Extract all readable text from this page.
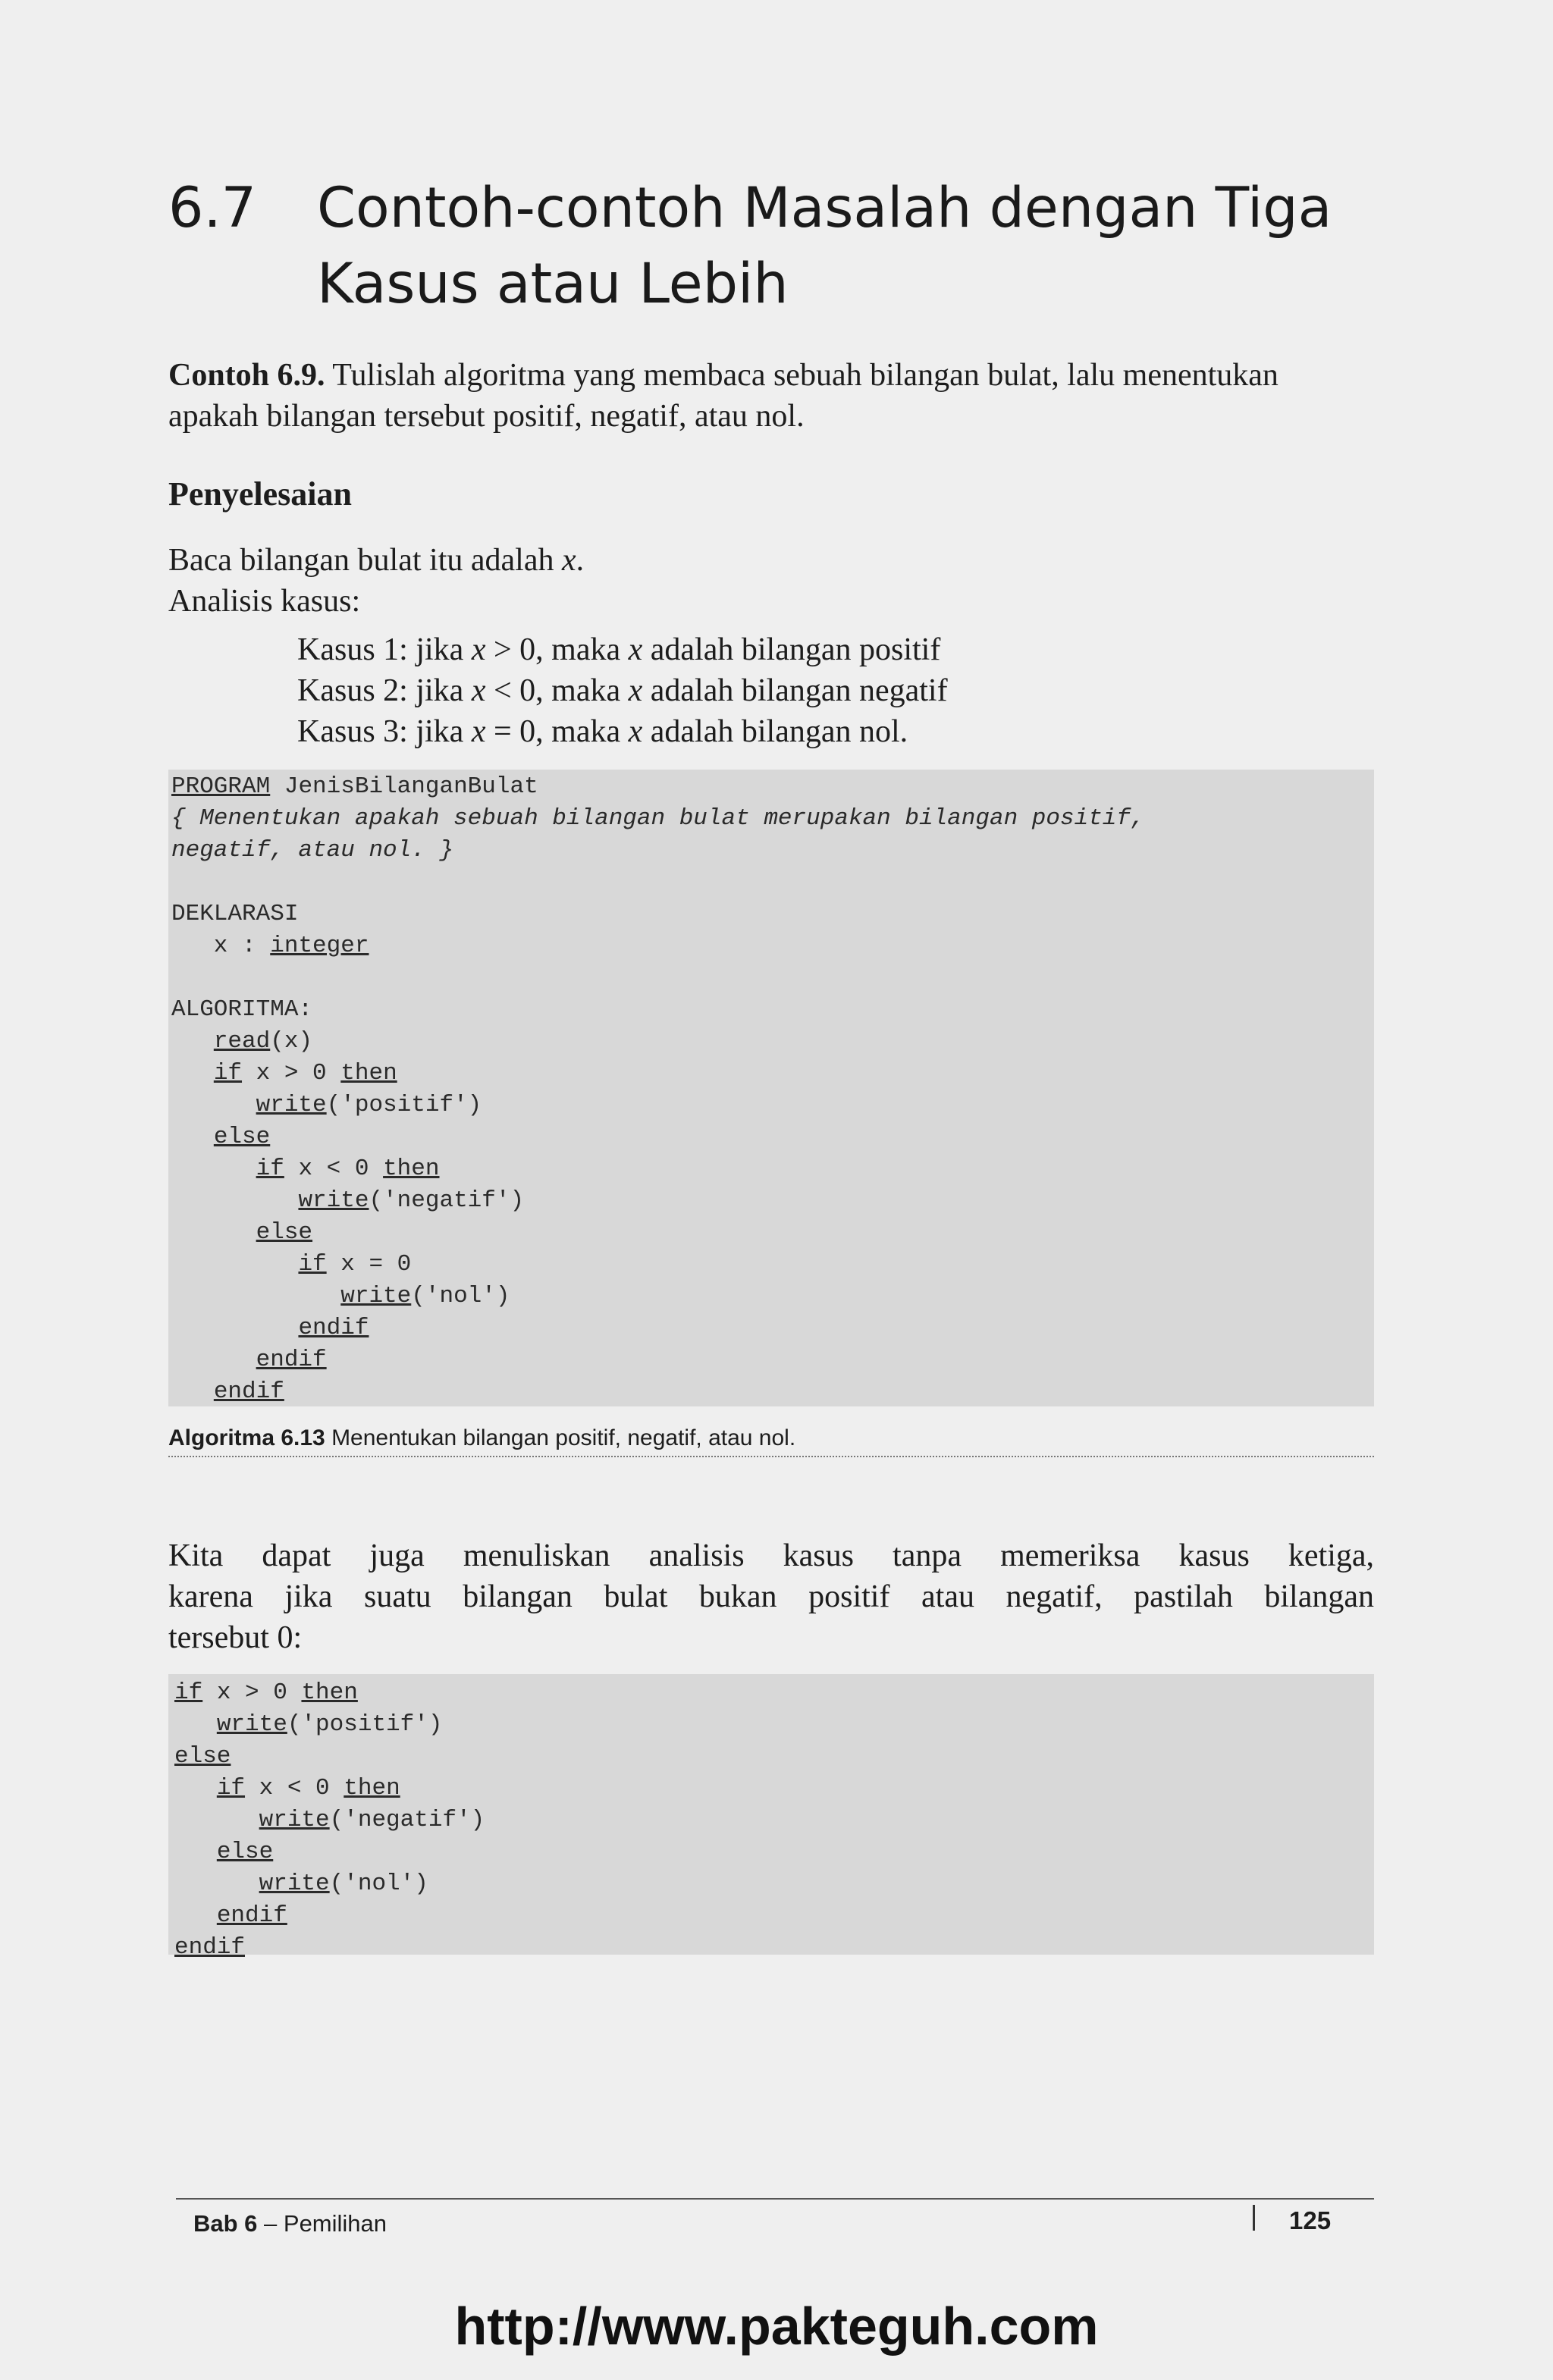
6.7 Contoh-contoh Masalah dengan Tiga
Kasus atau Lebih
Contoh 6.9. Tulislah algoritma yang membaca sebuah bilangan bulat, lalu menentukan apakah bilangan tersebut positif, negatif, atau nol.
Penyelesaian
Baca bilangan bulat itu adalah x.
Analisis kasus:
Kasus 1: jika x > 0, maka x adalah bilangan positif
Kasus 2: jika x < 0, maka x adalah bilangan negatif
Kasus 3: jika x = 0, maka x adalah bilangan nol.
PROGRAM JenisBilanganBulat
{ Menentukan apakah sebuah bilangan bulat merupakan bilangan positif,
negatif, atau nol. }
DEKLARASI
x : integer
ALGORITMA:
read(x)
if x > 0 then
write('positif')
else
if x < 0 then
write('negatif')
else
if x = 0
write('nol')
endif
endif
endif
Algoritma 6.13 Menentukan bilangan positif, negatif, atau nol.
Kita dapat juga menuliskan analisis kasus tanpa memeriksa kasus ketiga,
karena jika suatu bilangan bulat bukan positif atau negatif, pastilah bilangan
tersebut 0:
if x > 0 then
write('positif')
else
if x < 0 then
write('negatif')
else
write('nol')
endif
endif
Bab 6 – Pemilihan	125
http://www.pakteguh.com
